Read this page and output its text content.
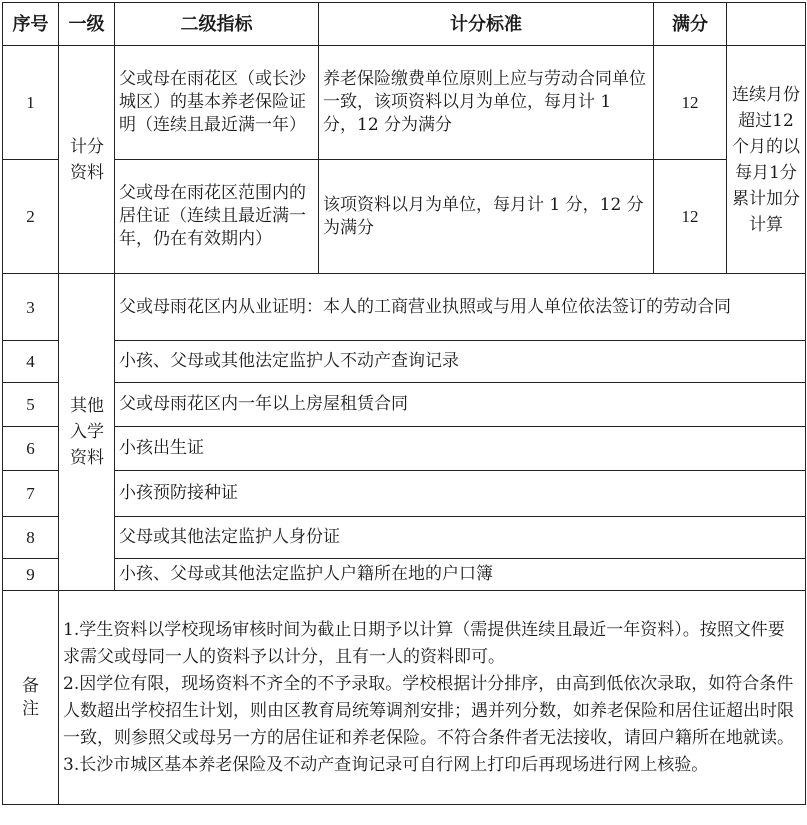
序号	一级	二级指标	计分标准	满分	
1	计分资料	父或母在雨花区（或长沙城区）的基本养老保险证明（连续且最近满一年）	养老保险缴费单位原则上应与劳动合同单位一致，该项资料以月为单位，每月计 1 分，12 分为满分	12	连续月份超过12个月的以每月1分累计加分计算

2		父或母在雨花区范围内的居住证（连续且最近满一年，仍在有效期内）	该项资料以月为单位，每月计 1 分，12 分为满分	12	
3	其他入学资料	父或母雨花区内从业证明：本人的工商营业执照或与用人单位依法签订的劳动合同			
4		小孩、父母或其他法定监护人不动产查询记录			
5		父或母雨花区内一年以上房屋租赁合同			
6		小孩出生证			
7		小孩预防接种证			
8		父母或其他法定监护人身份证			
9		小孩、父母或其他法定监护人户籍所在地的户口簿			
备注	1.学生资料以学校现场审核时间为截止日期予以计算（需提供连续且最近一年资料）。按照文件要求需父或母同一人的资料予以计分，且有一人的资料即可。
2.因学位有限，现场资料不齐全的不予录取。学校根据计分排序，由高到低依次录取，如符合条件人数超出学校招生计划，则由区教育局统筹调剂安排；遇并列分数，如养老保险和居住证超出时限一致，则参照父或母另一方的居住证和养老保险。不符合条件者无法接收，请回户籍所在地就读。
3.长沙市城区基本养老保险及不动产查询记录可自行网上打印后再现场进行网上核验。				
